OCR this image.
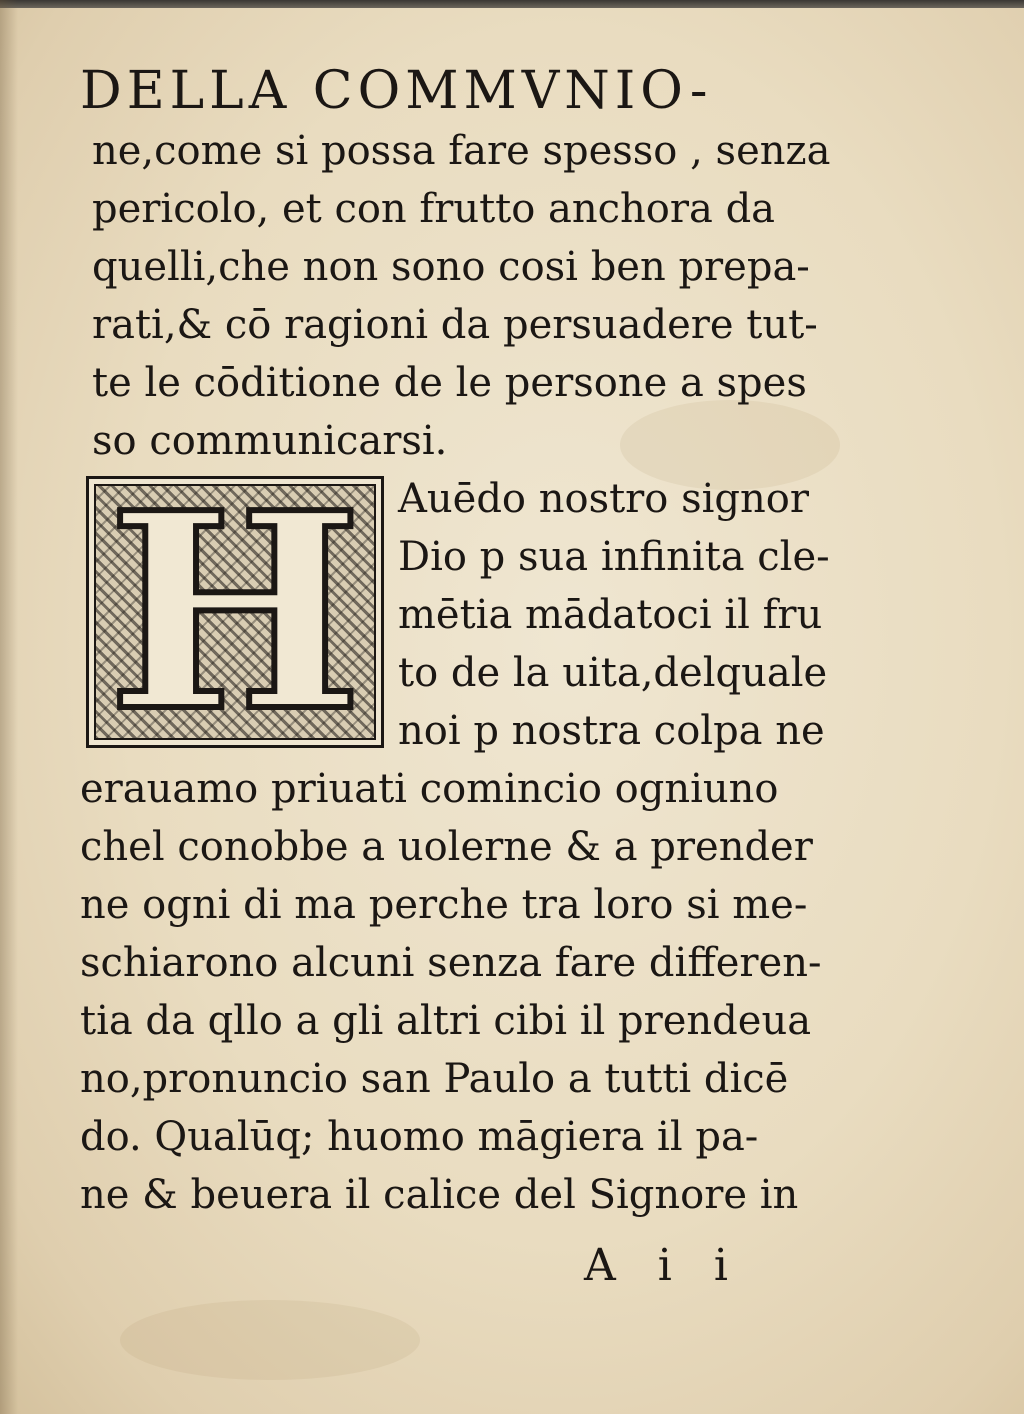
DELLA COMMVNIO-
ne,come si possa fare spesso , senza
pericolo, et con frutto anchora da
quelli,che non sono cosi ben prepa-
rati,& cō ragioni da persuadere tut-
te le cōditione de le persone a spes
so communicarsi.
H Auēdo nostro signor
Dio p sua infinita cle-
mētia mādatoci il fru
to de la uita,delquale
noi p nostra colpa ne
erauamo priuati comincio ogniuno
chel conobbe a uolerne & a prender
ne ogni di ma perche tra loro si me-
schiarono alcuni senza fare differen-
tia da qllo a gli altri cibi il prendeua
no,pronuncio san Paulo a tutti dicē
do. Qualūq; huomo māgiera il pa-
ne & beuera il calice del Signore in
A i i
